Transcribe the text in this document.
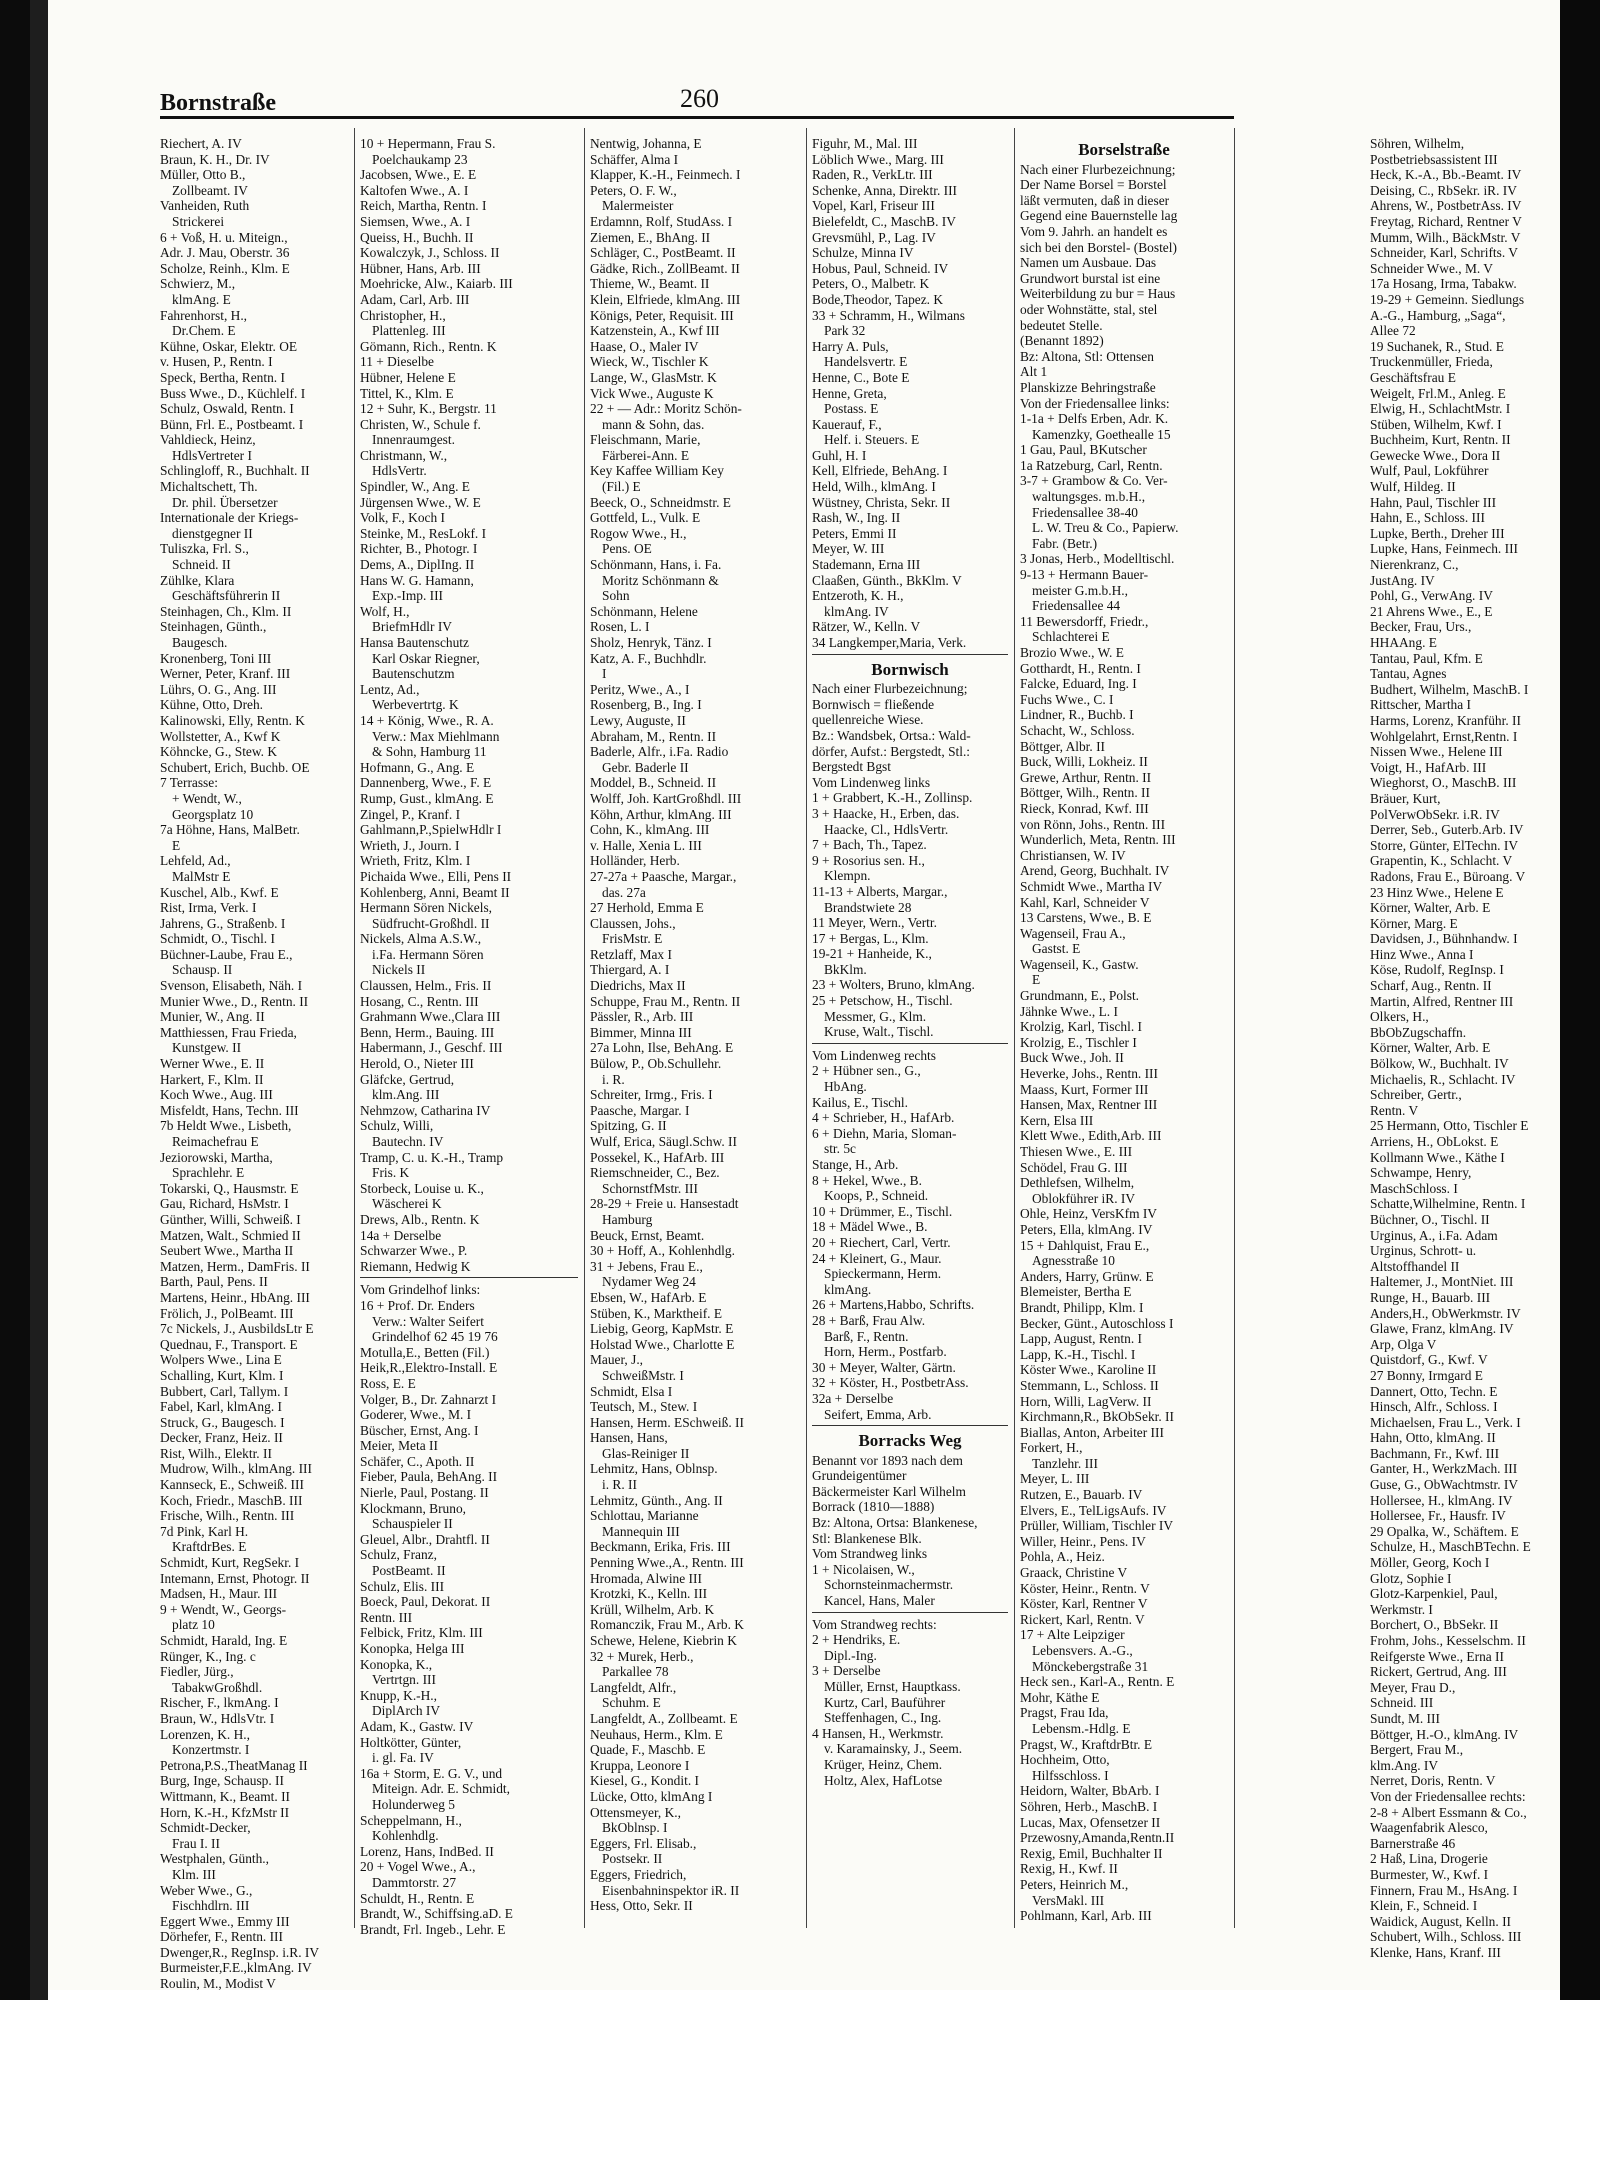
Bornstraße	260
Riechert, A. IV
Braun, K. H., Dr. IV
Müller, Otto B.,
Zollbeamt. IV
Vanheiden, Ruth
Strickerei
6 + Voß, H. u. Miteign.,
Adr. J. Mau, Oberstr. 36
Scholze, Reinh., Klm. E
Schwierz, M.,
klmAng. E
Fahrenhorst, H.,
Dr.Chem. E
Kühne, Oskar, Elektr. OE
v. Husen, P., Rentn. I
Speck, Bertha, Rentn. I
Buss Wwe., D., Küchlelf. I
Schulz, Oswald, Rentn. I
Bünn, Frl. E., Postbeamt. I
Vahldieck, Heinz,
HdlsVertreter I
Schlingloff, R., Buchhalt. II
Michaltschett, Th.
Dr. phil. Übersetzer
Internationale der Kriegs-
dienstgegner II
Tuliszka, Frl. S.,
Schneid. II
Zühlke, Klara
Geschäftsführerin II
Steinhagen, Ch., Klm. II
Steinhagen, Günth.,
Baugesch.
Kronenberg, Toni III
Werner, Peter, Kranf. III
Lührs, O. G., Ang. III
Kühne, Otto, Dreh.
Kalinowski, Elly, Rentn. K
Wollstetter, A., Kwf K
Köhncke, G., Stew. K
Schubert, Erich, Buchb. OE
7 Terrasse:
+ Wendt, W.,
Georgsplatz 10
7a Höhne, Hans, MalBetr.
E
Lehfeld, Ad.,
MalMstr E
Kuschel, Alb., Kwf. E
Rist, Irma, Verk. I
Jahrens, G., Straßenb. I
Schmidt, O., Tischl. I
Büchner-Laube, Frau E.,
Schausp. II
Svenson, Elisabeth, Näh. I
Munier Wwe., D., Rentn. II
Munier, W., Ang. II
Matthiessen, Frau Frieda,
Kunstgew. II
Werner Wwe., E. II
Harkert, F., Klm. II
Koch Wwe., Aug. III
Misfeldt, Hans, Techn. III
7b Heldt Wwe., Lisbeth,
Reimachefrau E
Jeziorowski, Martha,
Sprachlehr. E
Tokarski, Q., Hausmstr. E
Gau, Richard, HsMstr. I
Günther, Willi, Schweiß. I
Matzen, Walt., Schmied II
Seubert Wwe., Martha II
Matzen, Herm., DamFris. II
Barth, Paul, Pens. II
Martens, Heinr., HbAng. III
Frölich, J., PolBeamt. III
7c Nickels, J., AusbildsLtr E
Quednau, F., Transport. E
Wolpers Wwe., Lina E
Schalling, Kurt, Klm. I
Bubbert, Carl, Tallym. I
Fabel, Karl, klmAng. I
Struck, G., Baugesch. I
Decker, Franz, Heiz. II
Rist, Wilh., Elektr. II
Mudrow, Wilh., klmAng. III
Kannseck, E., Schweiß. III
Koch, Friedr., MaschB. III
Frische, Wilh., Rentn. III
7d Pink, Karl H.
KraftdrBes. E
Schmidt, Kurt, RegSekr. I
Intemann, Ernst, Photogr. II
Madsen, H., Maur. III
9 + Wendt, W., Georgs-
platz 10
Schmidt, Harald, Ing. E
Rünger, K., Ing. c
Fiedler, Jürg.,
TabakwGroßhdl.
Rischer, F., lkmAng. I
Braun, W., HdlsVtr. I
Lorenzen, K. H.,
Konzertmstr. I
Petrona,P.S.,TheatManag II
Burg, Inge, Schausp. II
Wittmann, K., Beamt. II
Horn, K.-H., KfzMstr II
Schmidt-Decker,
Frau I. II
Westphalen, Günth.,
Klm. III
Weber Wwe., G.,
Fischhdlrn. III
Eggert Wwe., Emmy III
Dörhefer, F., Rentn. III
Dwenger,R., RegInsp. i.R. IV
Burmeister,F.E.,klmAng. IV
Roulin, M., Modist V
10 + Hepermann, Frau S.
Poelchaukamp 23
Jacobsen, Wwe., E. E
Kaltofen Wwe., A. I
Reich, Martha, Rentn. I
Siemsen, Wwe., A. I
Queiss, H., Buchh. II
Kowalczyk, J., Schloss. II
Hübner, Hans, Arb. III
Moehricke, Alw., Kaiarb. III
Adam, Carl, Arb. III
Christopher, H.,
Plattenleg. III
Gömann, Rich., Rentn. K
11 + Dieselbe
Hübner, Helene E
Tittel, K., Klm. E
12 + Suhr, K., Bergstr. 11
Christen, W., Schule f.
Innenraumgest.
Christmann, W.,
HdlsVertr.
Spindler, W., Ang. E
Jürgensen Wwe., W. E
Volk, F., Koch I
Steinke, M., ResLokf. I
Richter, B., Photogr. I
Dems, A., DiplIng. II
Hans W. G. Hamann,
Exp.-Imp. III
Wolf, H.,
BriefmHdlr IV
Hansa Bautenschutz
Karl Oskar Riegner,
Bautenschutzm
Lentz, Ad.,
Werbevertrtg. K
14 + König, Wwe., R. A.
Verw.: Max Miehlmann
& Sohn, Hamburg 11
Hofmann, G., Ang. E
Dannenberg, Wwe., F. E
Rump, Gust., klmAng. E
Zingel, P., Kranf. I
Gahlmann,P.,SpielwHdlr I
Wrieth, J., Journ. I
Wrieth, Fritz, Klm. I
Pichaida Wwe., Elli, Pens II
Kohlenberg, Anni, Beamt II
Hermann Sören Nickels,
Südfrucht-Großhdl. II
Nickels, Alma A.S.W.,
i.Fa. Hermann Sören
Nickels II
Claussen, Helm., Fris. II
Hosang, C., Rentn. III
Grahmann Wwe.,Clara III
Benn, Herm., Bauing. III
Habermann, J., Geschf. III
Herold, O., Nieter III
Gläfcke, Gertrud,
klm.Ang. III
Nehmzow, Catharina IV
Schulz, Willi,
Bautechn. IV
Tramp, C. u. K.-H., Tramp
Fris. K
Storbeck, Louise u. K.,
Wäscherei K
Drews, Alb., Rentn. K
14a + Derselbe
Schwarzer Wwe., P.
Riemann, Hedwig K
Vom Grindelhof links:
16 + Prof. Dr. Enders
Verw.: Walter Seifert
Grindelhof 62 45 19 76
Motulla,E., Betten (Fil.)
Heik,R.,Elektro-Install. E
Ross, E. E
Volger, B., Dr. Zahnarzt I
Goderer, Wwe., M. I
Büscher, Ernst, Ang. I
Meier, Meta II
Schäfer, C., Apoth. II
Fieber, Paula, BehAng. II
Nierle, Paul, Postang. II
Klockmann, Bruno,
Schauspieler II
Gleuel, Albr., Drahtfl. II
Schulz, Franz,
PostBeamt. II
Schulz, Elis. III
Boeck, Paul, Dekorat. II
Rentn. III
Felbick, Fritz, Klm. III
Konopka, Helga III
Konopka, K.,
Vertrtgn. III
Knupp, K.-H.,
DiplArch IV
Adam, K., Gastw. IV
Holtkötter, Günter,
i. gl. Fa. IV
16a + Storm, E. G. V., und
Miteign. Adr. E. Schmidt,
Holunderweg 5
Scheppelmann, H.,
Kohlenhdlg.
Lorenz, Hans, IndBed. II
20 + Vogel Wwe., A.,
Dammtorstr. 27
Schuldt, H., Rentn. E
Brandt, W., Schiffsing.aD. E
Brandt, Frl. Ingeb., Lehr. E
Nentwig, Johanna, E
Schäffer, Alma I
Klapper, K.-H., Feinmech. I
Peters, O. F. W.,
Malermeister
Erdamnn, Rolf, StudAss. I
Ziemen, E., BhAng. II
Schläger, C., PostBeamt. II
Gädke, Rich., ZollBeamt. II
Thieme, W., Beamt. II
Klein, Elfriede, klmAng. III
Königs, Peter, Requisit. III
Katzenstein, A., Kwf III
Haase, O., Maler IV
Wieck, W., Tischler K
Lange, W., GlasMstr. K
Vick Wwe., Auguste K
22 + — Adr.: Moritz Schön-
mann & Sohn, das.
Fleischmann, Marie,
Färberei-Ann. E
Key Kaffee William Key
(Fil.) E
Beeck, O., Schneidmstr. E
Gottfeld, L., Vulk. E
Rogow Wwe., H.,
Pens. OE
Schönmann, Hans, i. Fa.
Moritz Schönmann &
Sohn
Schönmann, Helene
Rosen, L. I
Sholz, Henryk, Tänz. I
Katz, A. F., Buchhdlr.
I
Peritz, Wwe., A., I
Rosenberg, B., Ing. I
Lewy, Auguste, II
Abraham, M., Rentn. II
Baderle, Alfr., i.Fa. Radio
Gebr. Baderle II
Moddel, B., Schneid. II
Wolff, Joh. KartGroßhdl. III
Köhn, Arthur, klmAng. III
Cohn, K., klmAng. III
v. Halle, Xenia L. III
Holländer, Herb.
27-27a + Paasche, Margar.,
das. 27a
27 Herhold, Emma E
Claussen, Johs.,
FrisMstr. E
Retzlaff, Max I
Thiergard, A. I
Diedrichs, Max II
Schuppe, Frau M., Rentn. II
Pässler, R., Arb. III
Bimmer, Minna III
27a Lohn, Ilse, BehAng. E
Bülow, P., Ob.Schullehr.
i. R.
Schreiter, Irmg., Fris. I
Paasche, Margar. I
Spitzing, G. II
Wulf, Erica, Säugl.Schw. II
Possekel, K., HafArb. III
Riemschneider, C., Bez.
SchornstfMstr. III
28-29 + Freie u. Hansestadt
Hamburg
Beuck, Ernst, Beamt.
30 + Hoff, A., Kohlenhdlg.
31 + Jebens, Frau E.,
Nydamer Weg 24
Ebsen, W., HafArb. E
Stüben, K., Marktheif. E
Liebig, Georg, KapMstr. E
Holstad Wwe., Charlotte E
Mauer, J.,
SchweißMstr. I
Schmidt, Elsa I
Teutsch, M., Stew. I
Hansen, Herm. ESchweiß. II
Hansen, Hans,
Glas-Reiniger II
Lehmitz, Hans, Oblnsp.
i. R. II
Lehmitz, Günth., Ang. II
Schlottau, Marianne
Mannequin III
Beckmann, Erika, Fris. III
Penning Wwe.,A., Rentn. III
Hromada, Alwine III
Krotzki, K., Kelln. III
Krüll, Wilhelm, Arb. K
Romanczik, Frau M., Arb. K
Schewe, Helene, Kiebrin K
32 + Murek, Herb.,
Parkallee 78
Langfeldt, Alfr.,
Schuhm. E
Langfeldt, A., Zollbeamt. E
Neuhaus, Herm., Klm. E
Quade, F., Maschb. E
Kruppa, Leonore I
Kiesel, G., Kondit. I
Lücke, Otto, klmAng I
Ottensmeyer, K.,
BkOblnsp. I
Eggers, Frl. Elisab.,
Postsekr. II
Eggers, Friedrich,
Eisenbahninspektor iR. II
Hess, Otto, Sekr. II
Figuhr, M., Mal. III
Löblich Wwe., Marg. III
Raden, R., VerkLtr. III
Schenke, Anna, Direktr. III
Vopel, Karl, Friseur III
Bielefeldt, C., MaschB. IV
Grevsmühl, P., Lag. IV
Schulze, Minna IV
Hobus, Paul, Schneid. IV
Peters, O., Malbetr. K
Bode,Theodor, Tapez. K
33 + Schramm, H., Wilmans
Park 32
Harry A. Puls,
Handelsvertr. E
Henne, C., Bote E
Henne, Greta,
Postass. E
Kauerauf, F.,
Helf. i. Steuers. E
Guhl, H. I
Kell, Elfriede, BehAng. I
Held, Wilh., klmAng. I
Wüstney, Christa, Sekr. II
Rash, W., Ing. II
Peters, Emmi II
Meyer, W. III
Stademann, Erna III
Claaßen, Günth., BkKlm. V
Entzeroth, K. H.,
klmAng. IV
Rätzer, W., Kelln. V
34 Langkemper,Maria, Verk.
Bornwisch
Nach einer Flurbezeichnung;
Bornwisch = fließende
quellenreiche Wiese.
Bz.: Wandsbek, Ortsa.: Wald-
dörfer, Aufst.: Bergstedt, Stl.:
Bergstedt Bgst
Vom Lindenweg links
1 + Grabbert, K.-H., Zollinsp.
3 + Haacke, H., Erben, das.
Haacke, Cl., HdlsVertr.
7 + Bach, Th., Tapez.
9 + Rosorius sen. H.,
Klempn.
11-13 + Alberts, Margar.,
Brandstwiete 28
11 Meyer, Wern., Vertr.
17 + Bergas, L., Klm.
19-21 + Hanheide, K.,
BkKlm.
23 + Wolters, Bruno, klmAng.
25 + Petschow, H., Tischl.
Messmer, G., Klm.
Kruse, Walt., Tischl.
Vom Lindenweg rechts
2 + Hübner sen., G.,
HbAng.
Kailus, E., Tischl.
4 + Schrieber, H., HafArb.
6 + Diehn, Maria, Sloman-
str. 5c
Stange, H., Arb.
8 + Hekel, Wwe., B.
Koops, P., Schneid.
10 + Drümmer, E., Tischl.
18 + Mädel Wwe., B.
20 + Riechert, Carl, Vertr.
24 + Kleinert, G., Maur.
Spieckermann, Herm.
klmAng.
26 + Martens,Habbo, Schrifts.
28 + Barß, Frau Alw.
Barß, F., Rentn.
Horn, Herm., Postfarb.
30 + Meyer, Walter, Gärtn.
32 + Köster, H., PostbetrAss.
32a + Derselbe
Seifert, Emma, Arb.
Borracks Weg
Benannt vor 1893 nach dem
Grundeigentümer
Bäckermeister Karl Wilhelm
Borrack (1810—1888)
Bz: Altona, Ortsa: Blankenese,
Stl: Blankenese Blk.
Vom Strandweg links
1 + Nicolaisen, W.,
Schornsteinmachermstr.
Kancel, Hans, Maler
Vom Strandweg rechts:
2 + Hendriks, E.
Dipl.-Ing.
3 + Derselbe
Müller, Ernst, Hauptkass.
Kurtz, Carl, Bauführer
Steffenhagen, C., Ing.
4 Hansen, H., Werkmstr.
v. Karamainsky, J., Seem.
Krüger, Heinz, Chem.
Holtz, Alex, HafLotse
Borselstraße
Nach einer Flurbezeichnung;
Der Name Borsel = Borstel
läßt vermuten, daß in dieser
Gegend eine Bauernstelle lag
Vom 9. Jahrh. an handelt es
sich bei den Borstel- (Bostel)
Namen um Ausbaue. Das
Grundwort burstal ist eine
Weiterbildung zu bur = Haus
oder Wohnstätte, stal, stel
bedeutet Stelle.
(Benannt 1892)
Bz: Altona, Stl: Ottensen
Alt 1
Planskizze Behringstraße
Von der Friedensallee links:
1-1a + Delfs Erben, Adr. K.
Kamenzky, Goethealle 15
1 Gau, Paul, BKutscher
1a Ratzeburg, Carl, Rentn.
3-7 + Grambow & Co. Ver-
waltungsges. m.b.H.,
Friedensallee 38-40
L. W. Treu & Co., Papierw.
Fabr. (Betr.)
3 Jonas, Herb., Modelltischl.
9-13 + Hermann Bauer-
meister G.m.b.H.,
Friedensallee 44
11 Bewersdorff, Friedr.,
Schlachterei E
Brozio Wwe., W. E
Gotthardt, H., Rentn. I
Falcke, Eduard, Ing. I
Fuchs Wwe., C. I
Lindner, R., Buchb. I
Schacht, W., Schloss.
Böttger, Albr. II
Buck, Willi, Lokheiz. II
Grewe, Arthur, Rentn. II
Böttger, Wilh., Rentn. II
Rieck, Konrad, Kwf. III
von Rönn, Johs., Rentn. III
Wunderlich, Meta, Rentn. III
Christiansen, W. IV
Arend, Georg, Buchhalt. IV
Schmidt Wwe., Martha IV
Kahl, Karl, Schneider V
13 Carstens, Wwe., B. E
Wagenseil, Frau A.,
Gastst. E
Wagenseil, K., Gastw.
E
Grundmann, E., Polst.
Jähnke Wwe., L. I
Krolzig, Karl, Tischl. I
Krolzig, E., Tischler I
Buck Wwe., Joh. II
Heverke, Johs., Rentn. III
Maass, Kurt, Former III
Hansen, Max, Rentner III
Kern, Elsa III
Klett Wwe., Edith,Arb. III
Thiesen Wwe., E. III
Schödel, Frau G. III
Dethlefsen, Wilhelm,
Oblokführer iR. IV
Ohle, Heinz, VersKfm IV
Peters, Ella, klmAng. IV
15 + Dahlquist, Frau E.,
Agnesstraße 10
Anders, Harry, Grünw. E
Blemeister, Bertha E
Brandt, Philipp, Klm. I
Becker, Günt., Autoschloss I
Lapp, August, Rentn. I
Lapp, K.-H., Tischl. I
Köster Wwe., Karoline II
Stemmann, L., Schloss. II
Horn, Willi, LagVerw. II
Kirchmann,R., BkObSekr. II
Biallas, Anton, Arbeiter III
Forkert, H.,
Tanzlehr. III
Meyer, L. III
Rutzen, E., Bauarb. IV
Elvers, E., TelLigsAufs. IV
Prüller, William, Tischler IV
Willer, Heinr., Pens. IV
Pohla, A., Heiz.
Graack, Christine V
Köster, Heinr., Rentn. V
Köster, Karl, Rentner V
Rickert, Karl, Rentn. V
17 + Alte Leipziger
Lebensvers. A.-G.,
Mönckebergstraße 31
Heck sen., Karl-A., Rentn. E
Mohr, Käthe E
Pragst, Frau Ida,
Lebensm.-Hdlg. E
Pragst, W., KraftdrBtr. E
Hochheim, Otto,
Hilfsschloss. I
Heidorn, Walter, BbArb. I
Söhren, Herb., MaschB. I
Lucas, Max, Ofensetzer II
Przewosny,Amanda,Rentn.II
Rexig, Emil, Buchhalter II
Rexig, H., Kwf. II
Peters, Heinrich M.,
VersMakl. III
Pohlmann, Karl, Arb. III
Söhren, Wilhelm,
Postbetriebsassistent III
Heck, K.-A., Bb.-Beamt. IV
Deising, C., RbSekr. iR. IV
Ahrens, W., PostbetrAss. IV
Freytag, Richard, Rentner V
Mumm, Wilh., BäckMstr. V
Schneider, Karl, Schrifts. V
Schneider Wwe., M. V
17a Hosang, Irma, Tabakw.
19-29 + Gemeinn. Siedlungs
A.-G., Hamburg, „Saga“,
Allee 72
19 Suchanek, R., Stud. E
Truckenmüller, Frieda,
Geschäftsfrau E
Weigelt, Frl.M., Anleg. E
Elwig, H., SchlachtMstr. I
Stüben, Wilhelm, Kwf. I
Buchheim, Kurt, Rentn. II
Gewecke Wwe., Dora II
Wulf, Paul, Lokführer
Wulf, Hildeg. II
Hahn, Paul, Tischler III
Hahn, E., Schloss. III
Lupke, Berth., Dreher III
Lupke, Hans, Feinmech. III
Nierenkranz, C.,
JustAng. IV
Pohl, G., VerwAng. IV
21 Ahrens Wwe., E., E
Becker, Frau, Urs.,
HHAAng. E
Tantau, Paul, Kfm. E
Tantau, Agnes
Budhert, Wilhelm, MaschB. I
Rittscher, Martha I
Harms, Lorenz, Kranführ. II
Wohlgelahrt, Ernst,Rentn. I
Nissen Wwe., Helene III
Voigt, H., HafArb. III
Wieghorst, O., MaschB. III
Bräuer, Kurt,
PolVerwObSekr. i.R. IV
Derrer, Seb., Guterb.Arb. IV
Storre, Günter, ElTechn. IV
Grapentin, K., Schlacht. V
Radons, Frau E., Büroang. V
23 Hinz Wwe., Helene E
Körner, Walter, Arb. E
Körner, Marg. E
Davidsen, J., Bühnhandw. I
Hinz Wwe., Anna I
Köse, Rudolf, RegInsp. I
Scharf, Aug., Rentn. II
Martin, Alfred, Rentner III
Olkers, H.,
BbObZugschaffn.
Körner, Walter, Arb. E
Bölkow, W., Buchhalt. IV
Michaelis, R., Schlacht. IV
Schreiber, Gertr.,
Rentn. V
25 Hermann, Otto, Tischler E
Arriens, H., ObLokst. E
Kollmann Wwe., Käthe I
Schwampe, Henry,
MaschSchloss. I
Schatte,Wilhelmine, Rentn. I
Büchner, O., Tischl. II
Urginus, A., i.Fa. Adam
Urginus, Schrott- u.
Altstoffhandel II
Haltemer, J., MontNiet. III
Runge, H., Bauarb. III
Anders,H., ObWerkmstr. IV
Glawe, Franz, klmAng. IV
Arp, Olga V
Quistdorf, G., Kwf. V
27 Bonny, Irmgard E
Dannert, Otto, Techn. E
Hinsch, Alfr., Schloss. I
Michaelsen, Frau L., Verk. I
Hahn, Otto, klmAng. II
Bachmann, Fr., Kwf. III
Ganter, H., WerkzMach. III
Guse, G., ObWachtmstr. IV
Hollersee, H., klmAng. IV
Hollersee, Fr., Hausfr. IV
29 Opalka, W., Schäftem. E
Schulze, H., MaschBTechn. E
Möller, Georg, Koch I
Glotz, Sophie I
Glotz-Karpenkiel, Paul,
Werkmstr. I
Borchert, O., BbSekr. II
Frohm, Johs., Kesselschm. II
Reifgerste Wwe., Erna II
Rickert, Gertrud, Ang. III
Meyer, Frau D.,
Schneid. III
Sundt, M. III
Böttger, H.-O., klmAng. IV
Bergert, Frau M.,
klm.Ang. IV
Nerret, Doris, Rentn. V
Von der Friedensallee rechts:
2-8 + Albert Essmann & Co.,
Waagenfabrik Alesco,
Barnerstraße 46
2 Haß, Lina, Drogerie
Burmester, W., Kwf. I
Finnern, Frau M., HsAng. I
Klein, F., Schneid. I
Waidick, August, Kelln. II
Schubert, Wilh., Schloss. III
Klenke, Hans, Kranf. III
